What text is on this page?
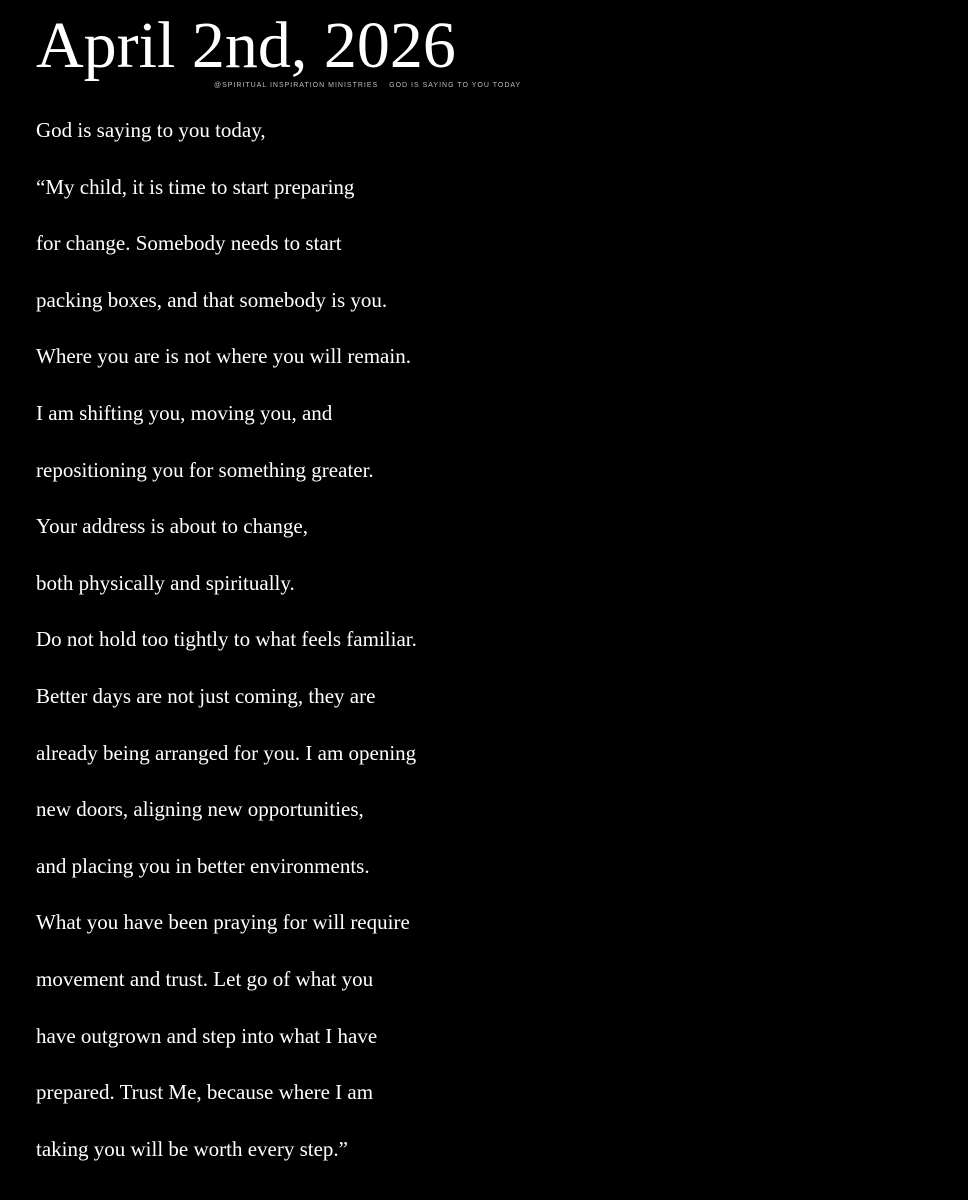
April 2nd, 2026
@SPIRITUAL INSPIRATION MINISTRIES GOD IS SAYING TO YOU TODAY
God is saying to you today,
“My child, it is time to start preparing
for change. Somebody needs to start
packing boxes, and that somebody is you.
Where you are is not where you will remain.
I am shifting you, moving you, and
repositioning you for something greater.
Your address is about to change,
both physically and spiritually.
Do not hold too tightly to what feels familiar.
Better days are not just coming, they are
already being arranged for you. I am opening
new doors, aligning new opportunities,
and placing you in better environments.
What you have been praying for will require
movement and trust. Let go of what you
have outgrown and step into what I have
prepared. Trust Me, because where I am
taking you will be worth every step.”
